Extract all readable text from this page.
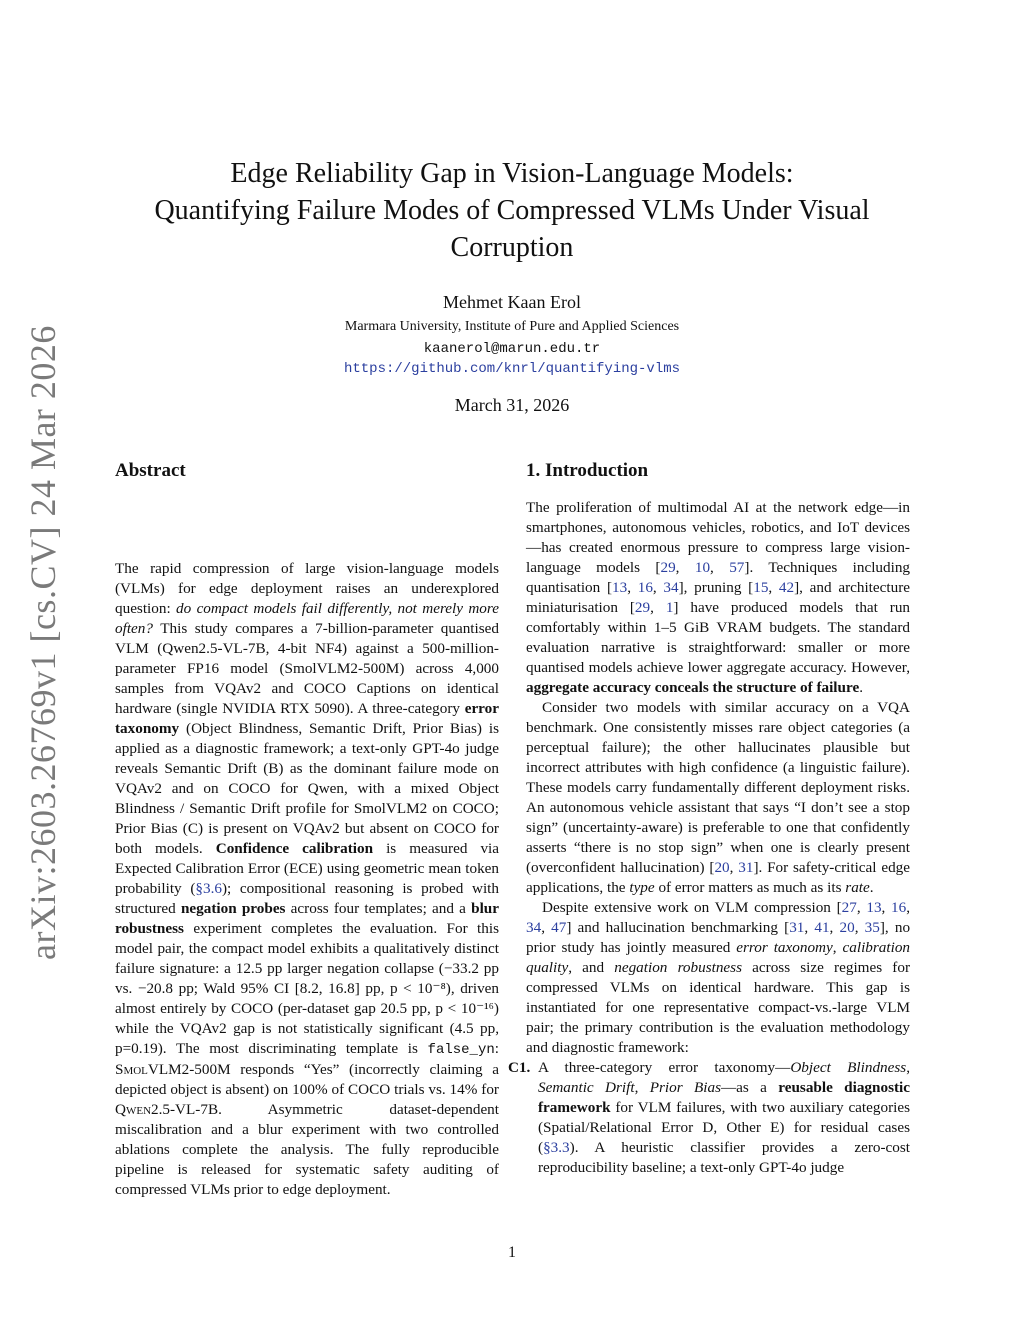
arXiv:2603.26769v1 [cs.CV] 24 Mar 2026
Edge Reliability Gap in Vision-Language Models:
Quantifying Failure Modes of Compressed VLMs Under Visual
Corruption
Mehmet Kaan Erol
Marmara University, Institute of Pure and Applied Sciences
kaanerol@marun.edu.tr
https://github.com/knrl/quantifying-vlms
March 31, 2026
Abstract

The rapid compression of large vision-language models (VLMs) for edge deployment raises an underexplored question: do compact models fail differently, not merely more often? This study compares a 7-billion-parameter quantised VLM (Qwen2.5-VL-7B, 4-bit NF4) against a 500-million-parameter FP16 model (SmolVLM2-500M) across 4,000 samples from VQAv2 and COCO Captions on identical hardware (single NVIDIA RTX 5090). A three-category error taxonomy (Object Blindness, Semantic Drift, Prior Bias) is applied as a diagnostic framework; a text-only GPT-4o judge reveals Semantic Drift (B) as the dominant failure mode on VQAv2 and on COCO for Qwen, with a mixed Object Blindness / Semantic Drift profile for SmolVLM2 on COCO; Prior Bias (C) is present on VQAv2 but absent on COCO for both models. Confidence calibration is measured via Expected Calibration Error (ECE) using geometric mean token probability (§3.6); compositional reasoning is probed with structured negation probes across four templates; and a blur robustness experiment completes the evaluation. For this model pair, the compact model exhibits a qualitatively distinct failure signature: a 12.5 pp larger negation collapse (−33.2 pp vs. −20.8 pp; Wald 95% CI [8.2, 16.8] pp, p < 10⁻⁸), driven almost entirely by COCO (per-dataset gap 20.5 pp, p < 10⁻¹⁶) while the VQAv2 gap is not statistically significant (4.5 pp, p=0.19). The most discriminating template is false_yn: SmolVLM2-500M responds “Yes” (incorrectly claiming a depicted object is absent) on 100% of COCO trials vs. 14% for Qwen2.5-VL-7B. Asymmetric dataset-dependent miscalibration and a blur experiment with two controlled ablations complete the analysis. The fully reproducible pipeline is released for systematic safety auditing of compressed VLMs prior to edge deployment.

1. Introduction

The proliferation of multimodal AI at the network edge—in smartphones, autonomous vehicles, robotics, and IoT devices—has created enormous pressure to compress large vision-language models [29, 10, 57]. Techniques including quantisation [13, 16, 34], pruning [15, 42], and architecture miniaturisation [29, 1] have produced models that run comfortably within 1–5 GiB VRAM budgets. The standard evaluation narrative is straightforward: smaller or more quantised models achieve lower aggregate accuracy. However, aggregate accuracy conceals the structure of failure.

Consider two models with similar accuracy on a VQA benchmark. One consistently misses rare object categories (a perceptual failure); the other hallucinates plausible but incorrect attributes with high confidence (a linguistic failure). These models carry fundamentally different deployment risks. An autonomous vehicle assistant that says “I don’t see a stop sign” (uncertainty-aware) is preferable to one that confidently asserts “there is no stop sign” when one is clearly present (overconfident hallucination) [20, 31]. For safety-critical edge applications, the type of error matters as much as its rate.

Despite extensive work on VLM compression [27, 13, 16, 34, 47] and hallucination benchmarking [31, 41, 20, 35], no prior study has jointly measured error taxonomy, calibration quality, and negation robustness across size regimes for compressed VLMs on identical hardware. This gap is instantiated for one representative compact-vs.-large VLM pair; the primary contribution is the evaluation methodology and diagnostic framework:

C1. A three-category error taxonomy—Object Blindness, Semantic Drift, Prior Bias—as a reusable diagnostic framework for VLM failures, with two auxiliary categories (Spatial/Relational Error D, Other E) for residual cases (§3.3). A heuristic classifier provides a zero-cost reproducibility baseline; a text-only GPT-4o judge

1
